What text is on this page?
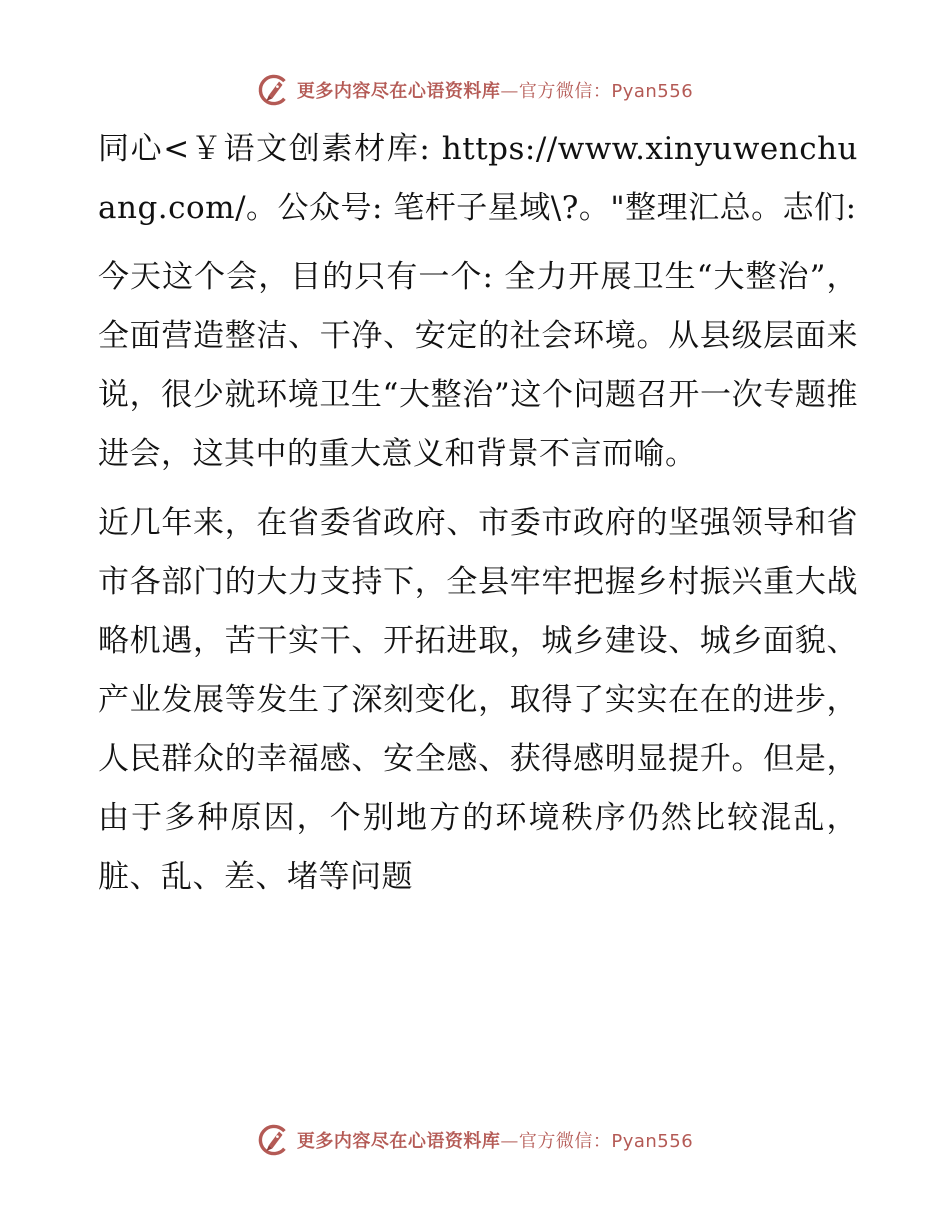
更多内容尽在心语资料库—官方微信：Pyan556

同心<￥语文创素材库: https://www.xinyuwenchuang.com/。公众号: 笔杆子星域\?。"整理汇总。志们:

今天这个会，目的只有一个: 全力开展卫生“大整治”，全面营造整洁、干净、安定的社会环境。从县级层面来说，很少就环境卫生“大整治”这个问题召开一次专题推进会，这其中的重大意义和背景不言而喻。

近几年来，在省委省政府、市委市政府的坚强领导和省市各部门的大力支持下，全县牢牢把握乡村振兴重大战略机遇，苦干实干、开拓进取，城乡建设、城乡面貌、产业发展等发生了深刻变化，取得了实实在在的进步，人民群众的幸福感、安全感、获得感明显提升。但是，由于多种原因，个别地方的环境秩序仍然比较混乱，脏、乱、差、堵等问题

更多内容尽在心语资料库—官方微信：Pyan556
